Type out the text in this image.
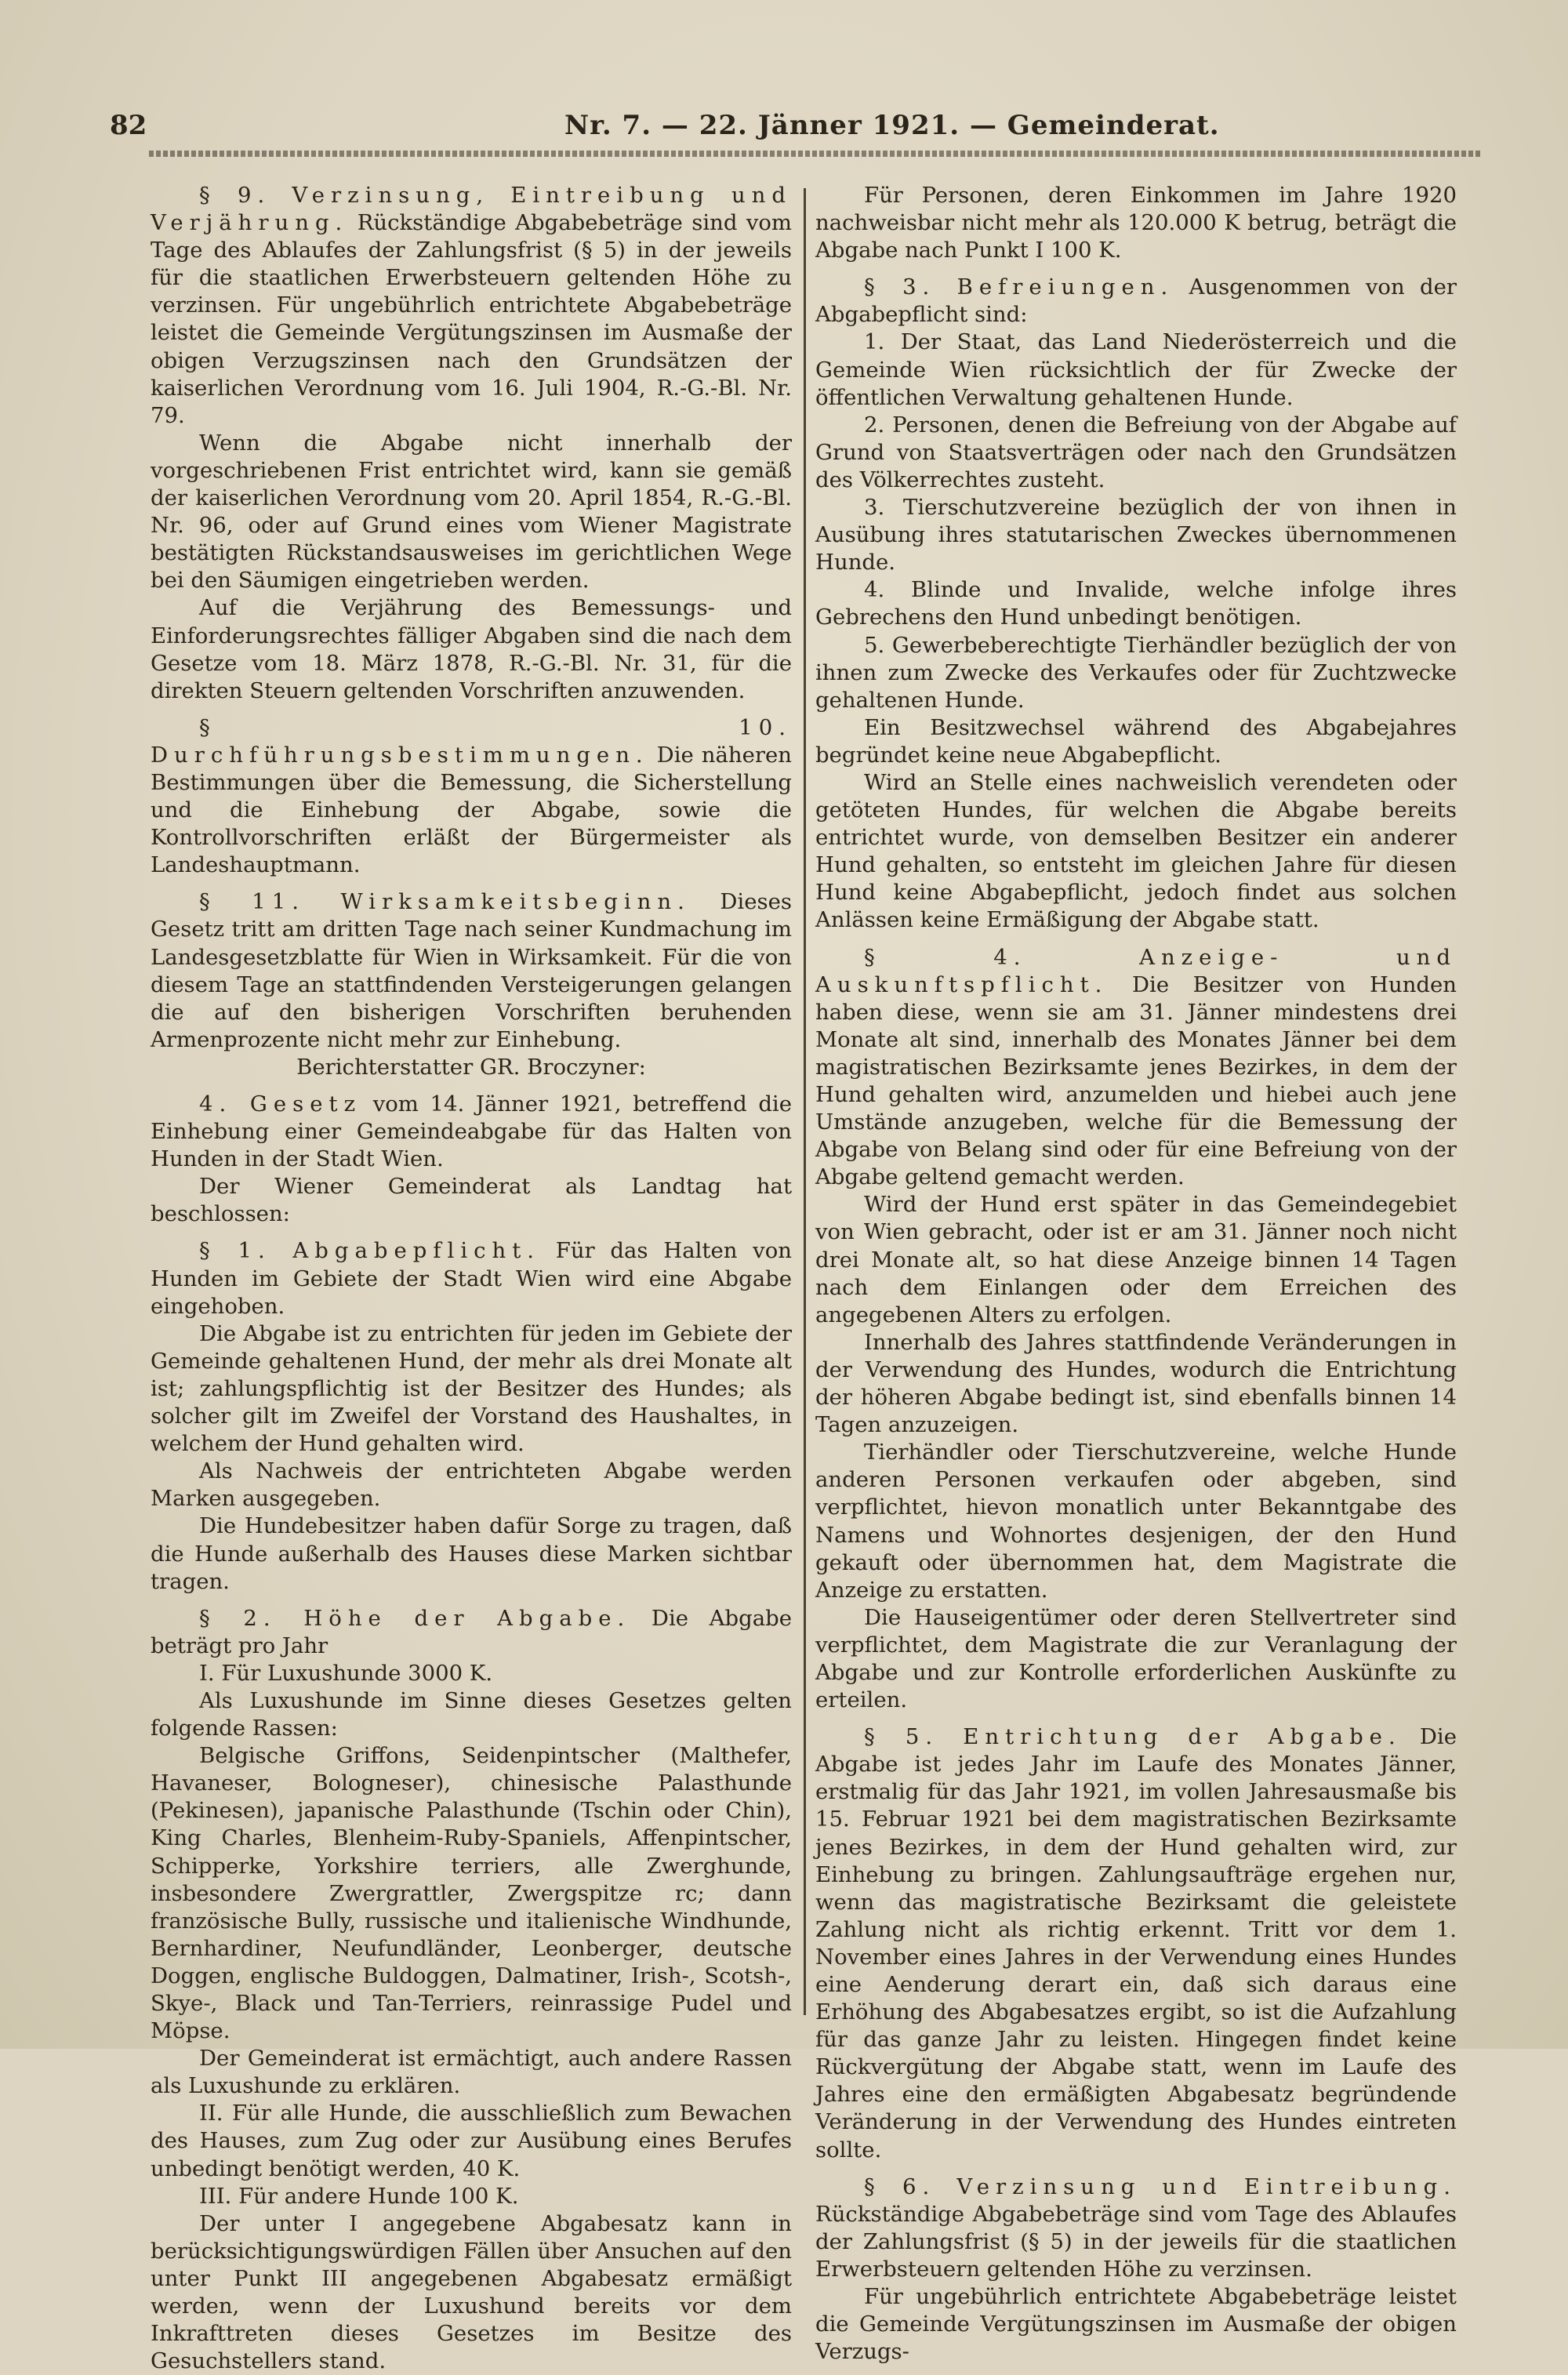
82	Nr. 7. — 22. Jänner 1921. — Gemeinderat.

§ 9. Verzinsung, Eintreibung und Verjährung. Rückständige Abgabebeträge sind vom Tage des Ablaufes der Zahlungsfrist (§ 5) in der jeweils für die staatlichen Erwerbsteuern geltenden Höhe zu verzinsen. Für ungebührlich entrichtete Abgabebeträge leistet die Gemeinde Vergütungszinsen im Ausmaße der obigen Verzugszinsen nach den Grundsätzen der kaiserlichen Verordnung vom 16. Juli 1904, R.-G.-Bl. Nr. 79.

Wenn die Abgabe nicht innerhalb der vorgeschriebenen Frist entrichtet wird, kann sie gemäß der kaiserlichen Verordnung vom 20. April 1854, R.-G.-Bl. Nr. 96, oder auf Grund eines vom Wiener Magistrate bestätigten Rückstandsausweises im gerichtlichen Wege bei den Säumigen eingetrieben werden.

Auf die Verjährung des Bemessungs- und Einforderungsrechtes fälliger Abgaben sind die nach dem Gesetze vom 18. März 1878, R.-G.-Bl. Nr. 31, für die direkten Steuern geltenden Vorschriften anzuwenden.

§ 10. Durchführungsbestimmungen. Die näheren Bestimmungen über die Bemessung, die Sicherstellung und die Einhebung der Abgabe, sowie die Kontrollvorschriften erläßt der Bürgermeister als Landeshauptmann.

§ 11. Wirksamkeitsbeginn. Dieses Gesetz tritt am dritten Tage nach seiner Kundmachung im Landesgesetzblatte für Wien in Wirksamkeit. Für die von diesem Tage an stattfindenden Versteigerungen gelangen die auf den bisherigen Vorschriften beruhenden Armenprozente nicht mehr zur Einhebung.

Berichterstatter GR. Broczyner:

4. Gesetz vom 14. Jänner 1921, betreffend die Einhebung einer Gemeindeabgabe für das Halten von Hunden in der Stadt Wien.

Der Wiener Gemeinderat als Landtag hat beschlossen:

§ 1. Abgabepflicht. Für das Halten von Hunden im Gebiete der Stadt Wien wird eine Abgabe eingehoben.

Die Abgabe ist zu entrichten für jeden im Gebiete der Gemeinde gehaltenen Hund, der mehr als drei Monate alt ist; zahlungspflichtig ist der Besitzer des Hundes; als solcher gilt im Zweifel der Vorstand des Haushaltes, in welchem der Hund gehalten wird.

Als Nachweis der entrichteten Abgabe werden Marken ausgegeben.

Die Hundebesitzer haben dafür Sorge zu tragen, daß die Hunde außerhalb des Hauses diese Marken sichtbar tragen.

§ 2. Höhe der Abgabe. Die Abgabe beträgt pro Jahr

I. Für Luxushunde 3000 K.

Als Luxushunde im Sinne dieses Gesetzes gelten folgende Rassen:

Belgische Griffons, Seidenpintscher (Malthefer, Havaneser, Bologneser), chinesische Palasthunde (Pekinesen), japanische Palasthunde (Tschin oder Chin), King Charles, Blenheim-Ruby-Spaniels, Affenpintscher, Schipperke, Yorkshire terriers, alle Zwerghunde, insbesondere Zwergrattler, Zwergspitze rc; dann französische Bully, russische und italienische Windhunde, Bernhardiner, Neufundländer, Leonberger, deutsche Doggen, englische Buldoggen, Dalmatiner, Irish-, Scotsh-, Skye-, Black und Tan-Terriers, reinrassige Pudel und Möpse.

Der Gemeinderat ist ermächtigt, auch andere Rassen als Luxushunde zu erklären.

II. Für alle Hunde, die ausschließlich zum Bewachen des Hauses, zum Zug oder zur Ausübung eines Berufes unbedingt benötigt werden, 40 K.

III. Für andere Hunde 100 K.

Der unter I angegebene Abgabesatz kann in berücksichtigungswürdigen Fällen über Ansuchen auf den unter Punkt III angegebenen Abgabesatz ermäßigt werden, wenn der Luxushund bereits vor dem Inkrafttreten dieses Gesetzes im Besitze des Gesuchstellers stand.

Für Personen, deren Einkommen im Jahre 1920 nachweisbar nicht mehr als 120.000 K betrug, beträgt die Abgabe nach Punkt I 100 K.

§ 3. Befreiungen. Ausgenommen von der Abgabepflicht sind:

1. Der Staat, das Land Niederösterreich und die Gemeinde Wien rücksichtlich der für Zwecke der öffentlichen Verwaltung gehaltenen Hunde.

2. Personen, denen die Befreiung von der Abgabe auf Grund von Staatsverträgen oder nach den Grundsätzen des Völkerrechtes zusteht.

3. Tierschutzvereine bezüglich der von ihnen in Ausübung ihres statutarischen Zweckes übernommenen Hunde.

4. Blinde und Invalide, welche infolge ihres Gebrechens den Hund unbedingt benötigen.

5. Gewerbeberechtigte Tierhändler bezüglich der von ihnen zum Zwecke des Verkaufes oder für Zuchtzwecke gehaltenen Hunde.

Ein Besitzwechsel während des Abgabejahres begründet keine neue Abgabepflicht.

Wird an Stelle eines nachweislich verendeten oder getöteten Hundes, für welchen die Abgabe bereits entrichtet wurde, von demselben Besitzer ein anderer Hund gehalten, so entsteht im gleichen Jahre für diesen Hund keine Abgabepflicht, jedoch findet aus solchen Anlässen keine Ermäßigung der Abgabe statt.

§ 4. Anzeige- und Auskunftspflicht. Die Besitzer von Hunden haben diese, wenn sie am 31. Jänner mindestens drei Monate alt sind, innerhalb des Monates Jänner bei dem magistratischen Bezirksamte jenes Bezirkes, in dem der Hund gehalten wird, anzumelden und hiebei auch jene Umstände anzugeben, welche für die Bemessung der Abgabe von Belang sind oder für eine Befreiung von der Abgabe geltend gemacht werden.

Wird der Hund erst später in das Gemeindegebiet von Wien gebracht, oder ist er am 31. Jänner noch nicht drei Monate alt, so hat diese Anzeige binnen 14 Tagen nach dem Einlangen oder dem Erreichen des angegebenen Alters zu erfolgen.

Innerhalb des Jahres stattfindende Veränderungen in der Verwendung des Hundes, wodurch die Entrichtung der höheren Abgabe bedingt ist, sind ebenfalls binnen 14 Tagen anzuzeigen.

Tierhändler oder Tierschutzvereine, welche Hunde anderen Personen verkaufen oder abgeben, sind verpflichtet, hievon monatlich unter Bekanntgabe des Namens und Wohnortes desjenigen, der den Hund gekauft oder übernommen hat, dem Magistrate die Anzeige zu erstatten.

Die Hauseigentümer oder deren Stellvertreter sind verpflichtet, dem Magistrate die zur Veranlagung der Abgabe und zur Kontrolle erforderlichen Auskünfte zu erteilen.

§ 5. Entrichtung der Abgabe. Die Abgabe ist jedes Jahr im Laufe des Monates Jänner, erstmalig für das Jahr 1921, im vollen Jahresausmaße bis 15. Februar 1921 bei dem magistratischen Bezirksamte jenes Bezirkes, in dem der Hund gehalten wird, zur Einhebung zu bringen. Zahlungsaufträge ergehen nur, wenn das magistratische Bezirksamt die geleistete Zahlung nicht als richtig erkennt. Tritt vor dem 1. November eines Jahres in der Verwendung eines Hundes eine Aenderung derart ein, daß sich daraus eine Erhöhung des Abgabesatzes ergibt, so ist die Aufzahlung für das ganze Jahr zu leisten. Hingegen findet keine Rückvergütung der Abgabe statt, wenn im Laufe des Jahres eine den ermäßigten Abgabesatz begründende Veränderung in der Verwendung des Hundes eintreten sollte.

§ 6. Verzinsung und Eintreibung. Rückständige Abgabebeträge sind vom Tage des Ablaufes der Zahlungsfrist (§ 5) in der jeweils für die staatlichen Erwerbsteuern geltenden Höhe zu verzinsen.

Für ungebührlich entrichtete Abgabebeträge leistet die Gemeinde Vergütungszinsen im Ausmaße der obigen Verzugs-
